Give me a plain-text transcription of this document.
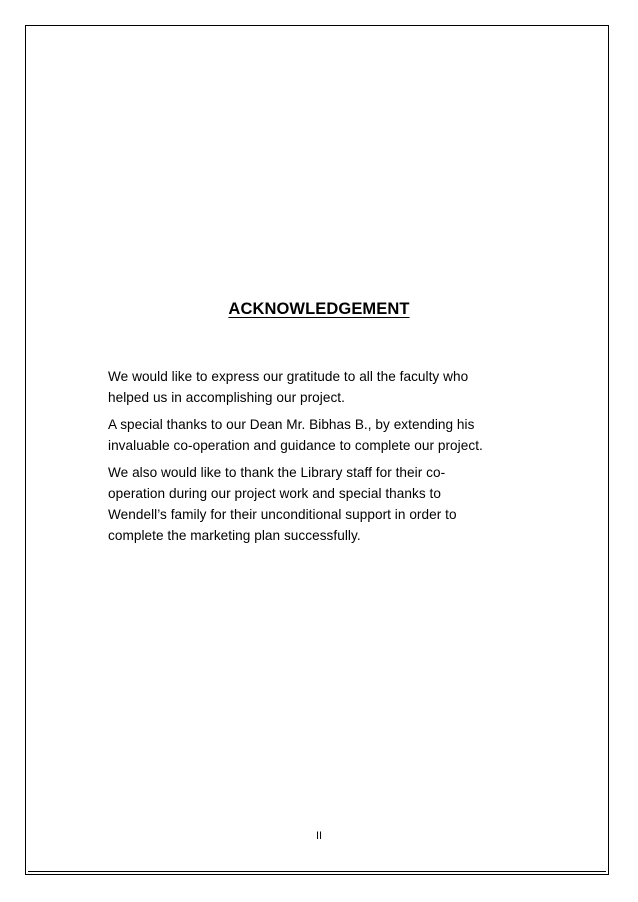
ACKNOWLEDGEMENT

We would like to express our gratitude to all the faculty who
helped us in accomplishing our project.

A special thanks to our Dean Mr. Bibhas B., by extending his
invaluable co-operation and guidance to complete our project.

We also would like to thank the Library staff for their co-
operation during our project work and special thanks to
Wendell’s family for their unconditional support in order to
complete the marketing plan successfully.

II
